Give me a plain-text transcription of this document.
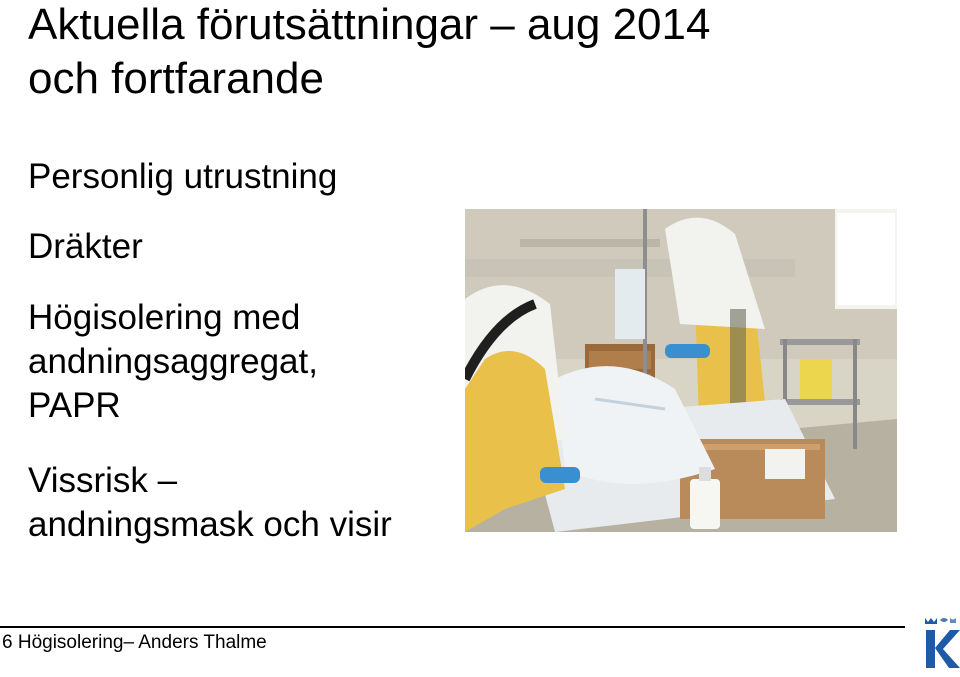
Aktuella förutsättningar – aug 2014
och fortfarande
Personlig utrustning
Dräkter
Högisolering med
andningsaggregat,
PAPR
Vissrisk –
andningsmask och visir
6 Högisolering– Anders Thalme
